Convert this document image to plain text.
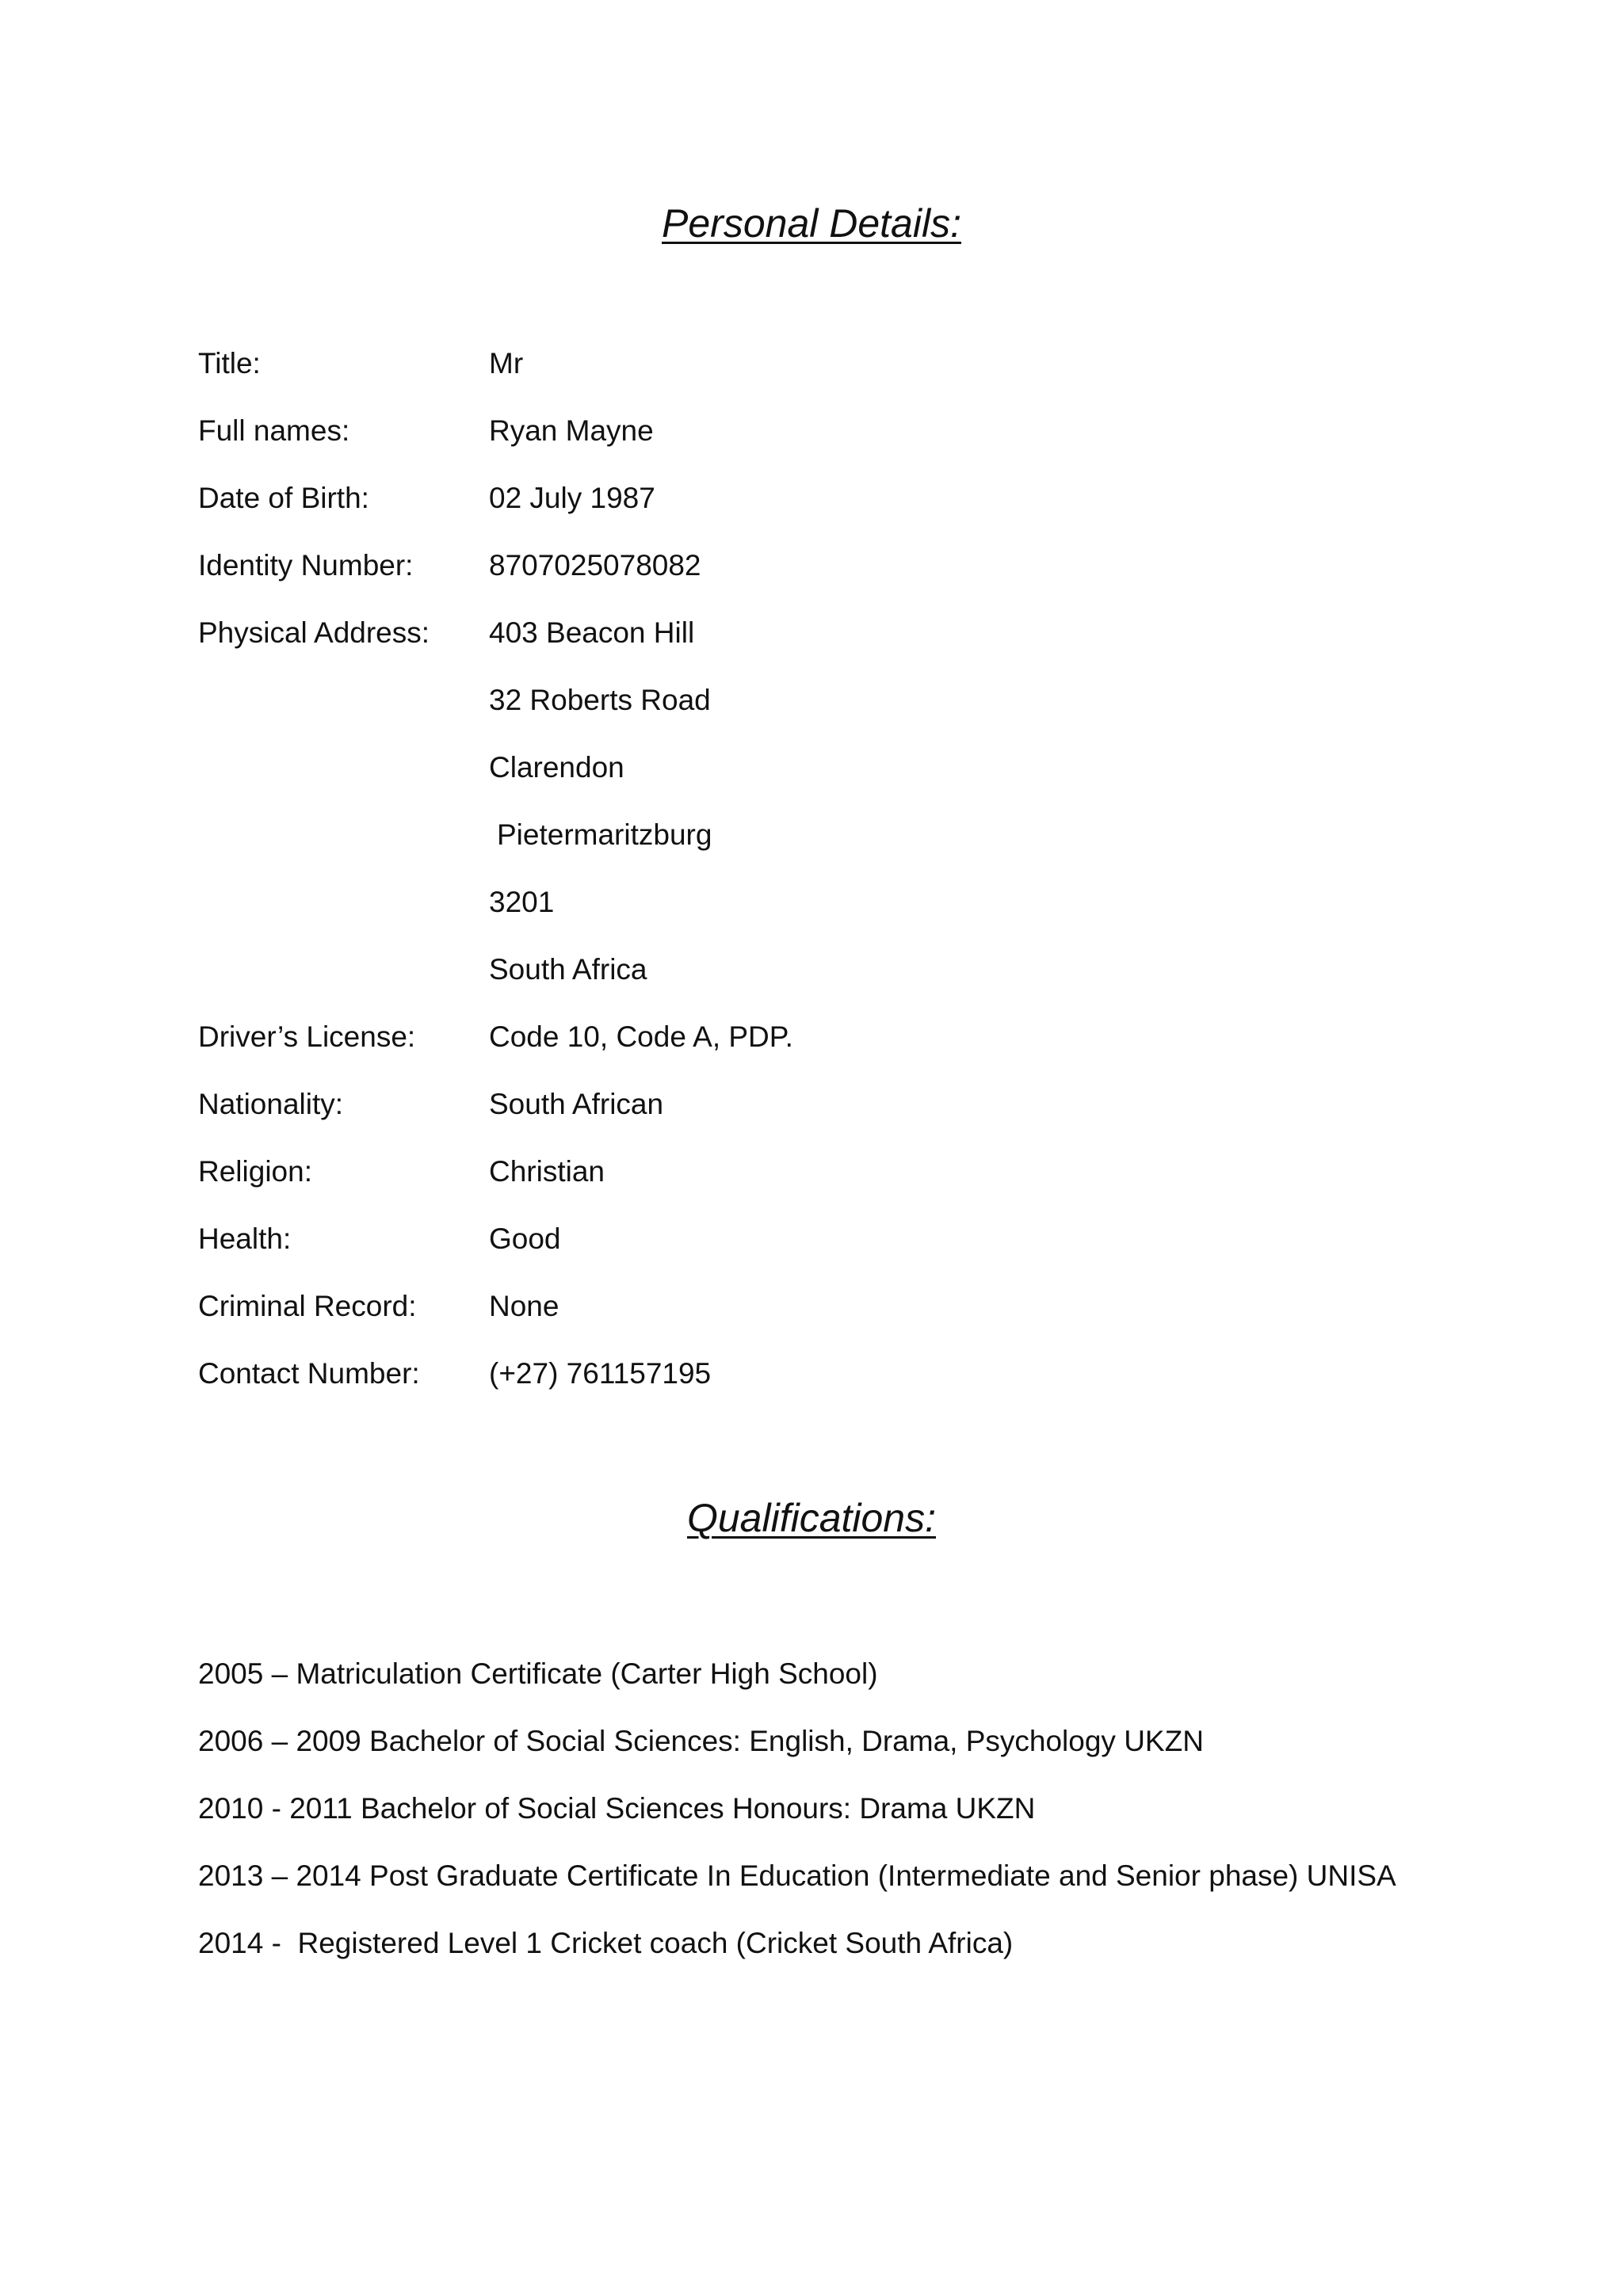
Personal Details:
Title:	Mr
Full names:	Ryan Mayne
Date of Birth:	02 July 1987
Identity Number:	8707025078082
Physical Address:	403 Beacon Hill
32 Roberts Road
Clarendon
Pietermaritzburg
3201
South Africa
Driver’s License:	Code 10, Code A, PDP.
Nationality:	South African
Religion:	Christian
Health:	Good
Criminal Record:	None
Contact Number:	(+27) 761157195
Qualifications:
2005 – Matriculation Certificate (Carter High School)
2006 – 2009 Bachelor of Social Sciences: English, Drama, Psychology UKZN
2010 - 2011 Bachelor of Social Sciences Honours: Drama UKZN
2013 – 2014 Post Graduate Certificate In Education (Intermediate and Senior phase) UNISA
2014 -  Registered Level 1 Cricket coach (Cricket South Africa)
